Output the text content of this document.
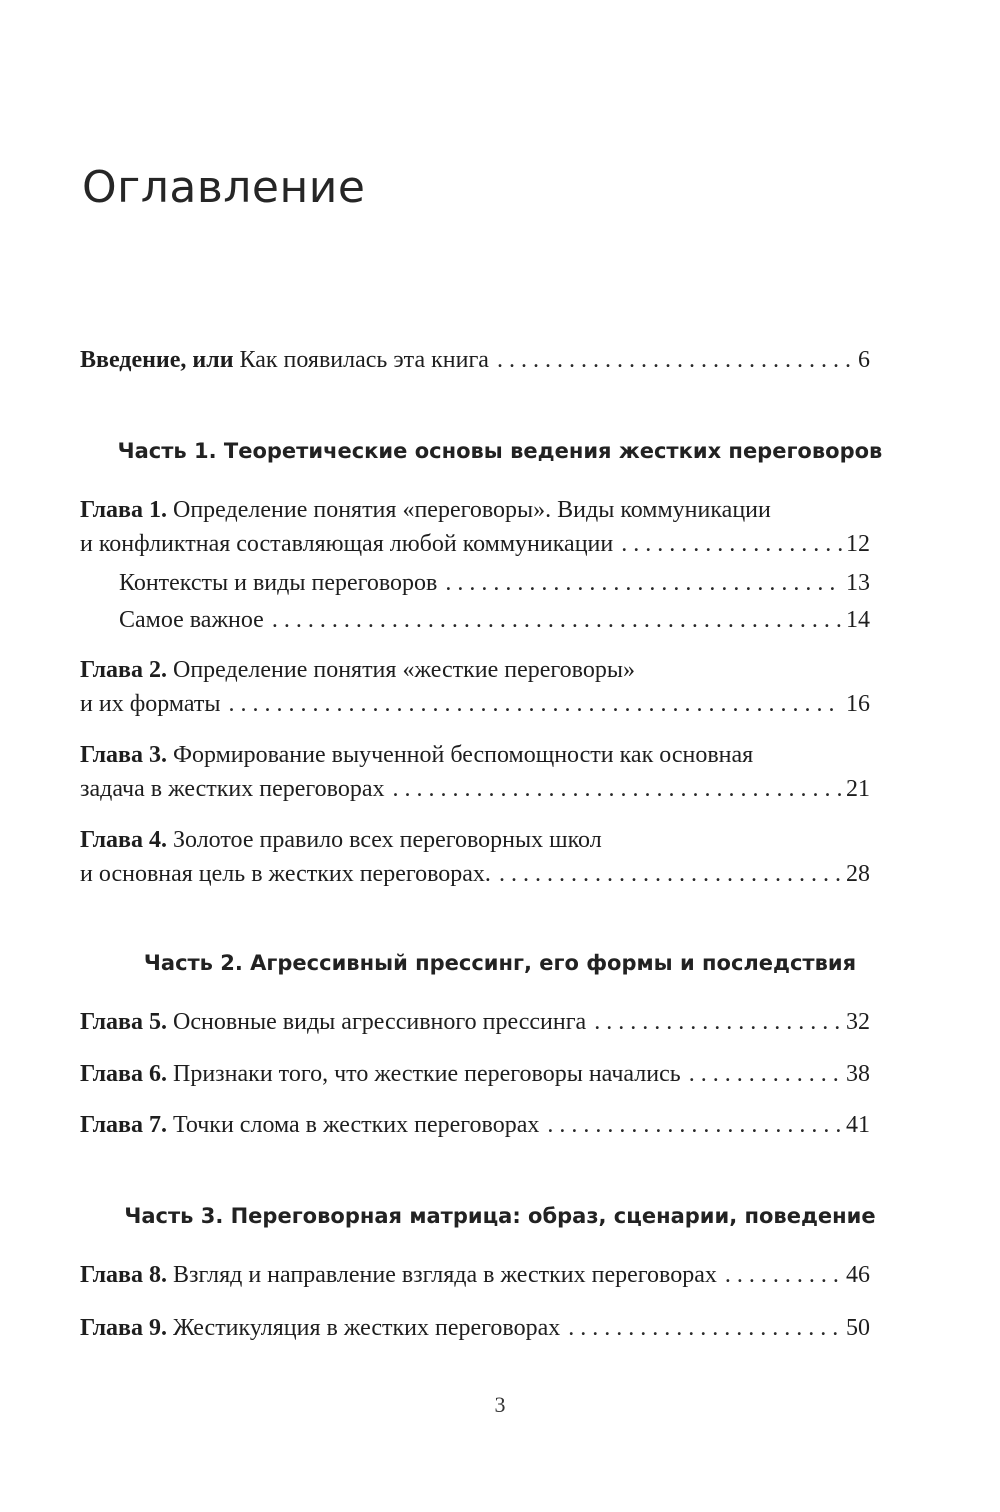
Оглавление
Введение, или Как появилась эта книга . . .	6
Часть 1. Теоретические основы ведения жестких переговоров
Глава 1. Определение понятия «переговоры». Виды коммуникации
и конфликтная составляющая любой коммуникации . . .	12
Контексты и виды переговоров . . .	13
Самое важное . . .	14
Глава 2. Определение понятия «жесткие переговоры»
и их форматы . . .	16
Глава 3. Формирование выученной беспомощности как основная
задача в жестких переговорах . . .	21
Глава 4. Золотое правило всех переговорных школ
и основная цель в жестких переговорах. . . .	28
Часть 2. Агрессивный прессинг, его формы и последствия
Глава 5. Основные виды агрессивного прессинга . . .	32
Глава 6. Признаки того, что жесткие переговоры начались . . .	38
Глава 7. Точки слома в жестких переговорах . . .	41
Часть 3. Переговорная матрица: образ, сценарии, поведение
Глава 8. Взгляд и направление взгляда в жестких переговорах . . .	46
Глава 9. Жестикуляция в жестких переговорах . . .	50
3
